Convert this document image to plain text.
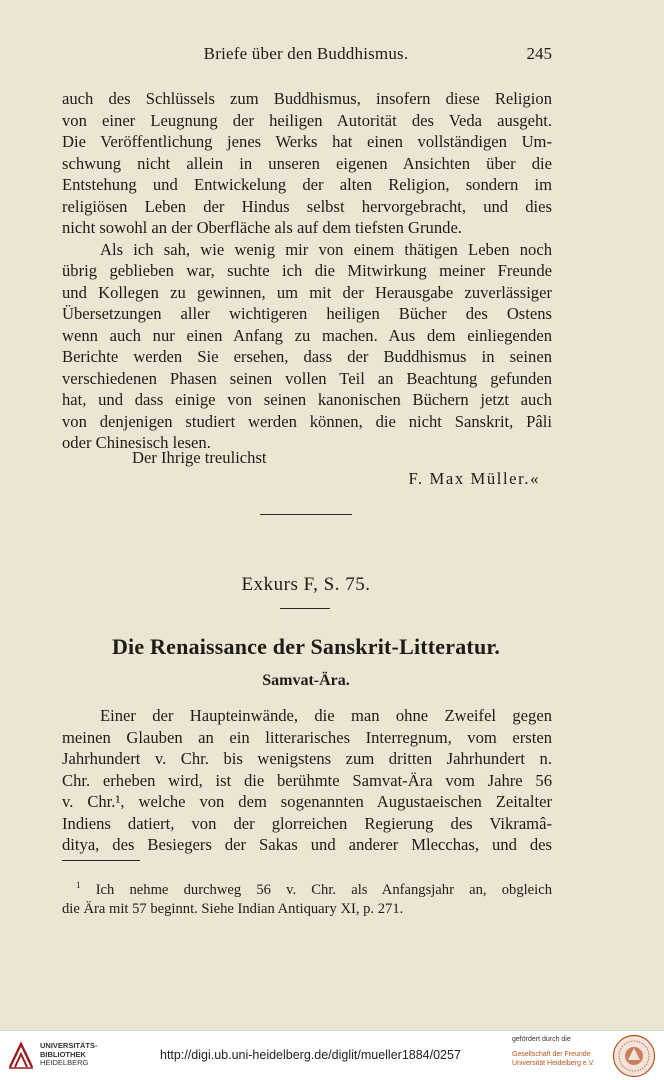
Briefe über den Buddhismus.	245
auch des Schlüssels zum Buddhismus, insofern diese Religion
von einer Leugnung der heiligen Autorität des Veda ausgeht.
Die Veröffentlichung jenes Werks hat einen vollständigen Um-
schwung nicht allein in unseren eigenen Ansichten über die
Entstehung und Entwickelung der alten Religion, sondern im
religiösen Leben der Hindus selbst hervorgebracht, und dies
nicht sowohl an der Oberfläche als auf dem tiefsten Grunde.
Als ich sah, wie wenig mir von einem thätigen Leben noch
übrig geblieben war, suchte ich die Mitwirkung meiner Freunde
und Kollegen zu gewinnen, um mit der Herausgabe zuverlässiger
Übersetzungen aller wichtigeren heiligen Bücher des Ostens
wenn auch nur einen Anfang zu machen. Aus dem einliegenden
Berichte werden Sie ersehen, dass der Buddhismus in seinen
verschiedenen Phasen seinen vollen Teil an Beachtung gefunden
hat, und dass einige von seinen kanonischen Büchern jetzt auch
von denjenigen studiert werden können, die nicht Sanskrit, Pâli
oder Chinesisch lesen.
Der Ihrige treulichst
F. Max Müller.«
Exkurs F, S. 75.
Die Renaissance der Sanskrit-Litteratur.
Samvat-Ära.
Einer der Haupteinwände, die man ohne Zweifel gegen
meinen Glauben an ein litterarisches Interregnum, vom ersten
Jahrhundert v. Chr. bis wenigstens zum dritten Jahrhundert n.
Chr. erheben wird, ist die berühmte Samvat-Ära vom Jahre 56
v. Chr.¹, welche von dem sogenannten Augustaeischen Zeitalter
Indiens datiert, von der glorreichen Regierung des Vikramâ-
ditya, des Besiegers der Sakas und anderer Mlecchas, und des
$^1$ Ich nehme durchweg 56 v. Chr. als Anfangsjahr an, obgleich
die Ära mit 57 beginnt. Siehe Indian Antiquary XI, p. 271.
UNIVERSITÄTS-
BIBLIOTHEK
HEIDELBERG
http://digi.ub.uni-heidelberg.de/diglit/mueller1884/0257
gefördert durch die
Gesellschaft der Freunde
Universität Heidelberg e.V.
